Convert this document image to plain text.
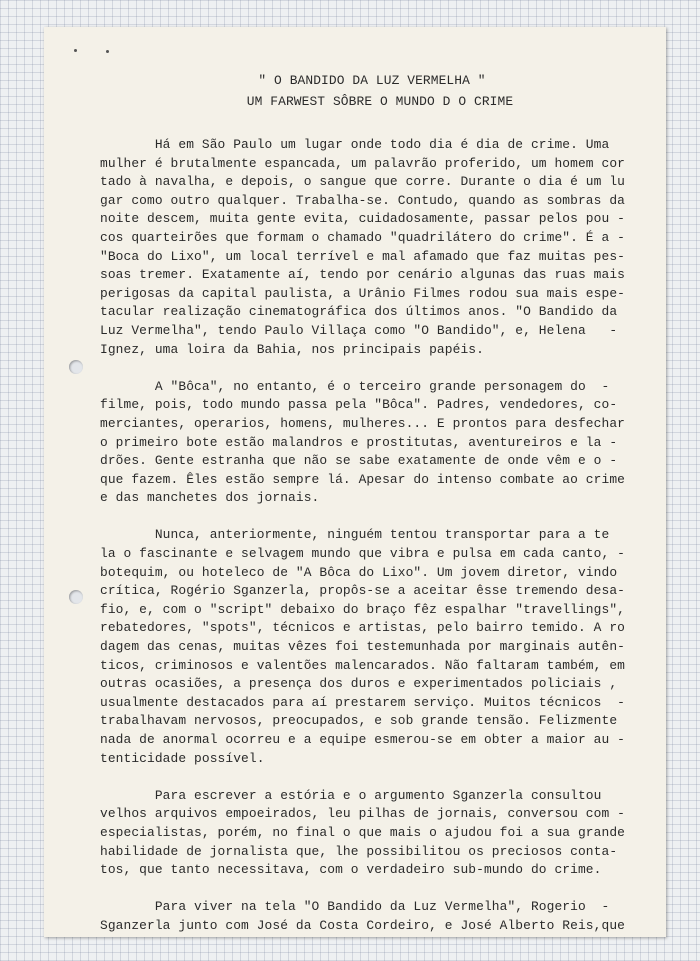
" O BANDIDO DA LUZ VERMELHA "
UM FARWEST SÔBRE O MUNDO D O CRIME
Há em São Paulo um lugar onde todo dia é dia de crime. Uma
mulher é brutalmente espancada, um palavrão proferido, um homem cor
tado à navalha, e depois, o sangue que corre. Durante o dia é um lu
gar como outro qualquer. Trabalha-se. Contudo, quando as sombras da
noite descem, muita gente evita, cuidadosamente, passar pelos pou -
cos quarteirões que formam o chamado "quadrilátero do crime". É a -
"Boca do Lixo", um local terrível e mal afamado que faz muitas pes-
soas tremer. Exatamente aí, tendo por cenário algunas das ruas mais
perigosas da capital paulista, a Urânio Filmes rodou sua mais espe-
tacular realização cinematográfica dos últimos anos. "O Bandido da
Luz Vermelha", tendo Paulo Villaça como "O Bandido", e, Helena   -
Ignez, uma loira da Bahia, nos principais papéis.
A "Bôca", no entanto, é o terceiro grande personagem do  -
filme, pois, todo mundo passa pela "Bôca". Padres, vendedores, co-
merciantes, operarios, homens, mulheres... E prontos para desfechar
o primeiro bote estão malandros e prostitutas, aventureiros e la -
drões. Gente estranha que não se sabe exatamente de onde vêm e o -
que fazem. Êles estão sempre lá. Apesar do intenso combate ao crime
e das manchetes dos jornais.
Nunca, anteriormente, ninguém tentou transportar para a te
la o fascinante e selvagem mundo que vibra e pulsa em cada canto, -
botequim, ou hoteleco de "A Bôca do Lixo". Um jovem diretor, vindo
crítica, Rogério Sganzerla, propôs-se a aceitar êsse tremendo desa-
fio, e, com o "script" debaixo do braço fêz espalhar "travellings",
rebatedores, "spots", técnicos e artistas, pelo bairro temido. A ro
dagem das cenas, muitas vêzes foi testemunhada por marginais autên-
ticos, criminosos e valentões malencarados. Não faltaram também, em
outras ocasiões, a presença dos duros e experimentados policiais ,
usualmente destacados para aí prestarem serviço. Muitos técnicos  -
trabalhavam nervosos, preocupados, e sob grande tensão. Felizmente
nada de anormal ocorreu e a equipe esmerou-se em obter a maior au -
tenticidade possível.
Para escrever a estória e o argumento Sganzerla consultou
velhos arquivos empoeirados, leu pilhas de jornais, conversou com -
especialistas, porém, no final o que mais o ajudou foi a sua grande
habilidade de jornalista que, lhe possibilitou os preciosos conta-
tos, que tanto necessitava, com o verdadeiro sub-mundo do crime.
Para viver na tela "O Bandido da Luz Vermelha", Rogerio  -
Sganzerla junto com José da Costa Cordeiro, e José Alberto Reis,que
